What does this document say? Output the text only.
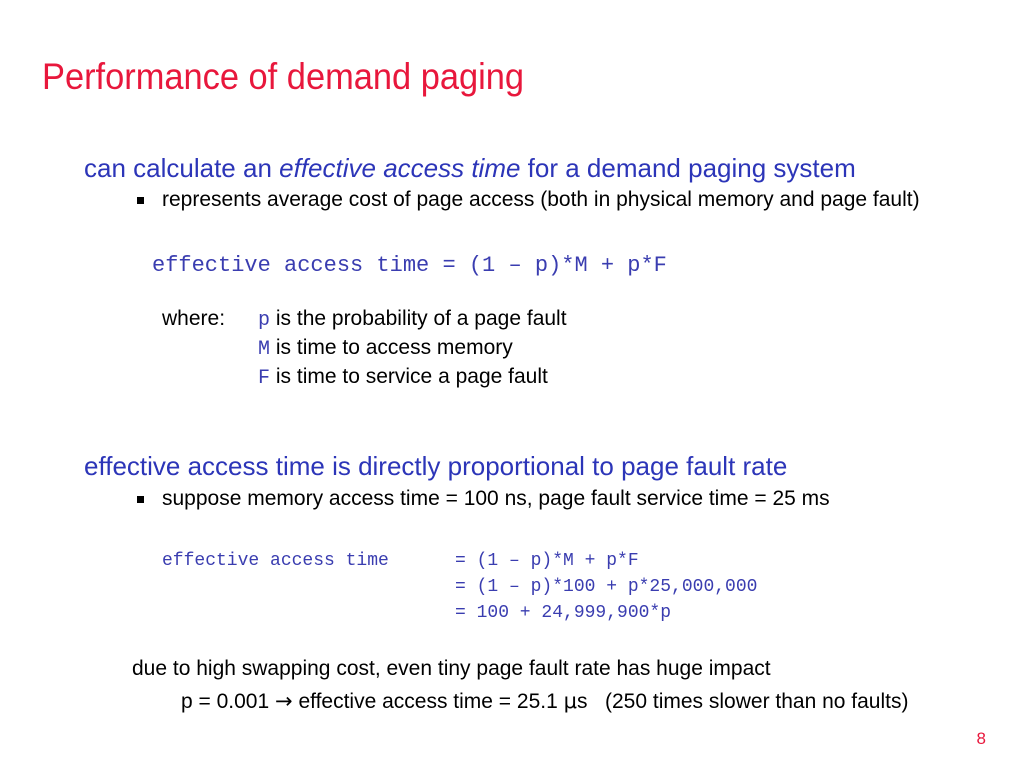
Performance of demand paging
can calculate an effective access time for a demand paging system
represents average cost of page access (both in physical memory and page fault)
effective access time = (1 – p)*M + p*F
where: p is the probability of a page fault
M is time to access memory
F is time to service a page fault
effective access time is directly proportional to page fault rate
suppose memory access time = 100 ns, page fault service time = 25 ms
effective access time	= (1 – p)*M + p*F
= (1 – p)*100 + p*25,000,000
= 100 + 24,999,900*p
due to high swapping cost, even tiny page fault rate has huge impact
p = 0.001 → effective access time = 25.1 μs   (250 times slower than no faults)
8
